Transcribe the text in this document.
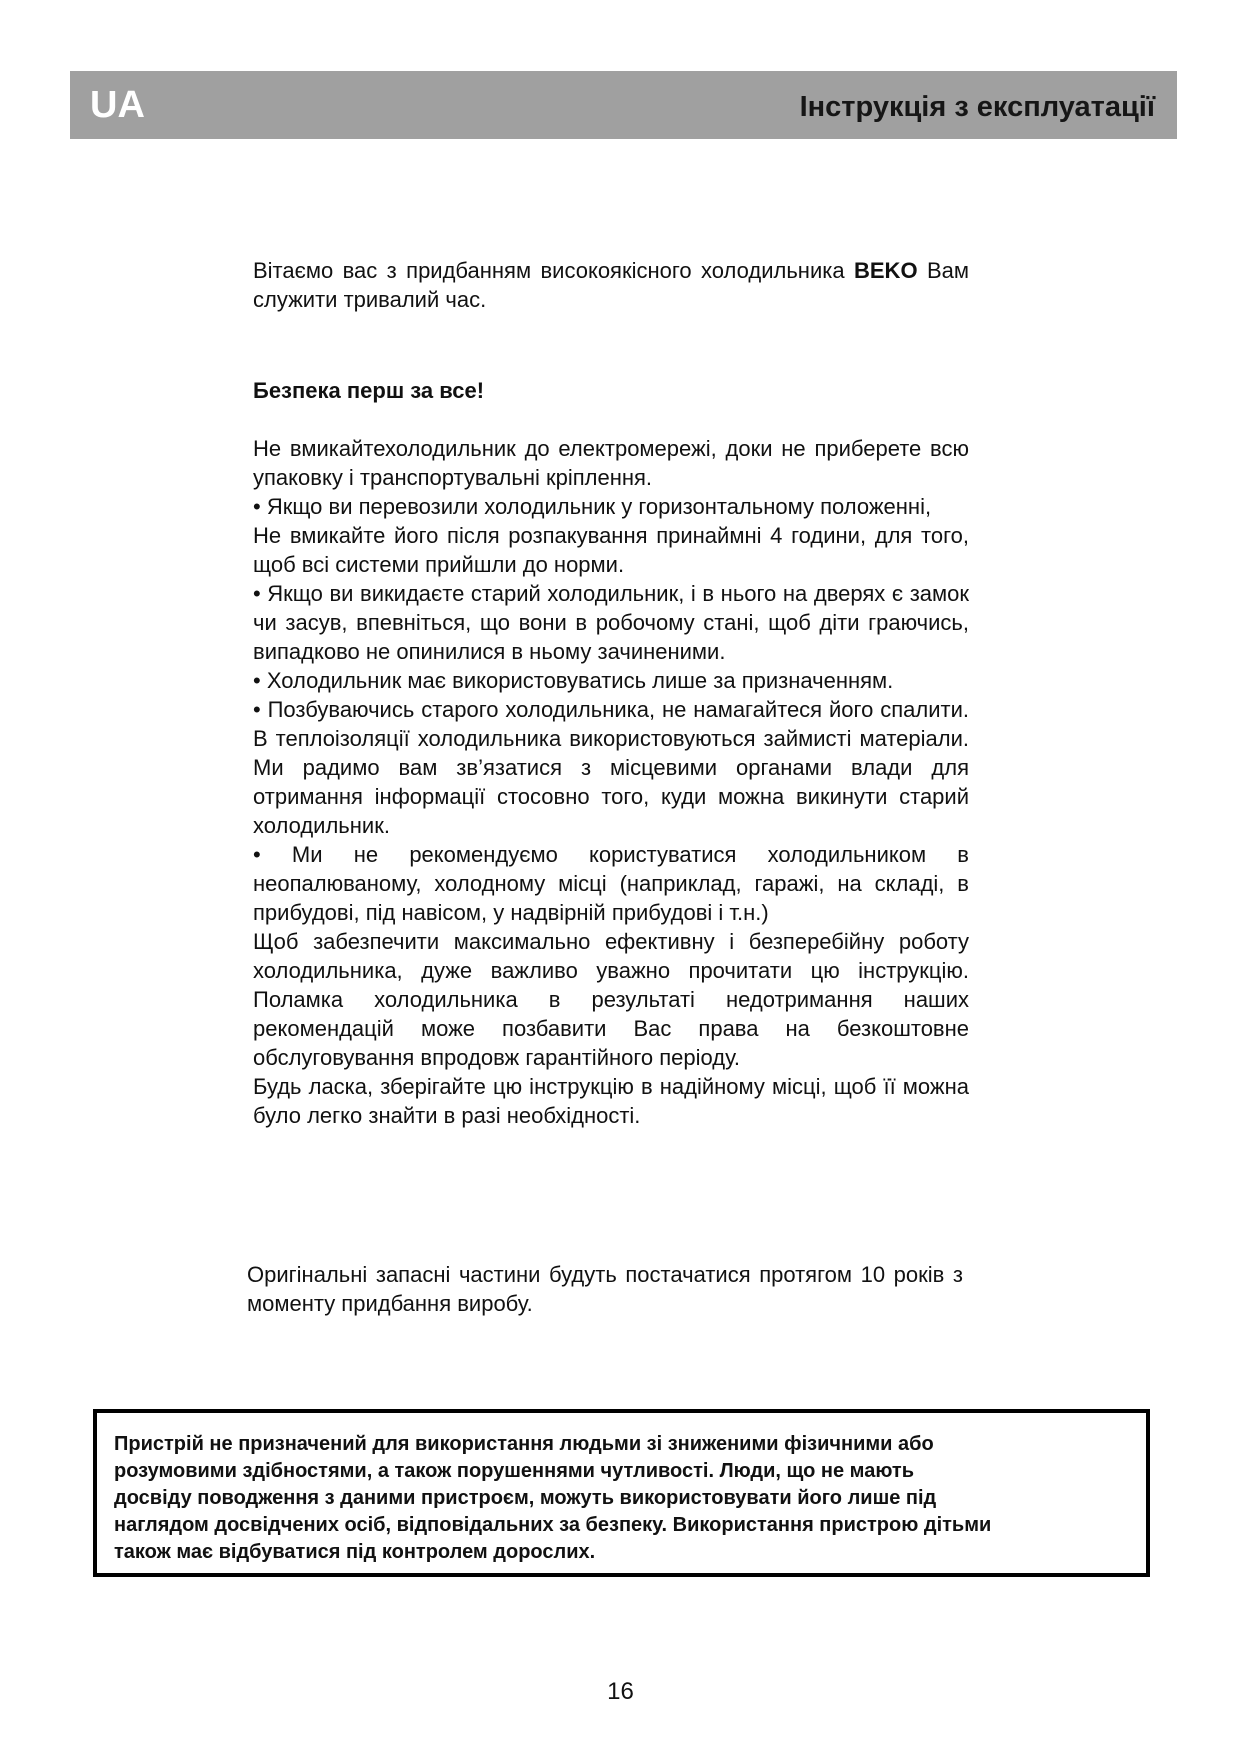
UA	Інструкція з експлуатації

Вітаємо вас з придбанням високоякісного холодильника BEKO Вам служити тривалий час.

Безпека перш за все!

Не вмикайтехолодильник до електромережі, доки не приберете всю упаковку і транспортувальні кріплення.

• Якщо ви перевозили холодильник у горизонтальному положенні,

Не вмикайте його після розпакування принаймні 4 години, для того, щоб всі системи прийшли до норми.

• Якщо ви викидаєте старий холодильник, і в нього на дверях є замок чи засув, впевніться, що вони в робочому стані, щоб діти граючись, випадково не опинилися в ньому зачиненими.

• Холодильник має використовуватись лише за призначенням.

• Позбуваючись старого холодильника, не намагайтеся його спалити. В теплоізоляції холодильника використовуються займисті матеріали. Ми радимо вам зв’язатися з місцевими органами влади для отримання інформації стосовно того, куди можна викинути старий холодильник.

• Ми не рекомендуємо користуватися холодильником в неопалюваному, холодному місці (наприклад, гаражі, на складі, в прибудові, під навісом, у надвірній прибудові і т.н.)

Щоб забезпечити максимально ефективну і безперебійну роботу холодильника, дуже важливо уважно прочитати цю інструкцію. Поламка холодильника в результаті недотримання наших рекомендацій може позбавити Вас права на безкоштовне обслуговування впродовж гарантійного періоду.

Будь ласка, зберігайте цю інструкцію в надійному місці, щоб її можна було легко знайти в разі необхідності.

Оригінальні запасні частини будуть постачатися протягом 10 років з моменту придбання виробу.

Пристрій не призначений для використання людьми зі зниженими фізичними або

розумовими здібностями, а також порушеннями чутливості. Люди, що не мають

досвіду поводження з даними пристроєм, можуть використовувати його лише під

наглядом досвідчених осіб, відповідальних за безпеку. Використання пристрою дітьми

також має відбуватися під контролем дорослих.

16
